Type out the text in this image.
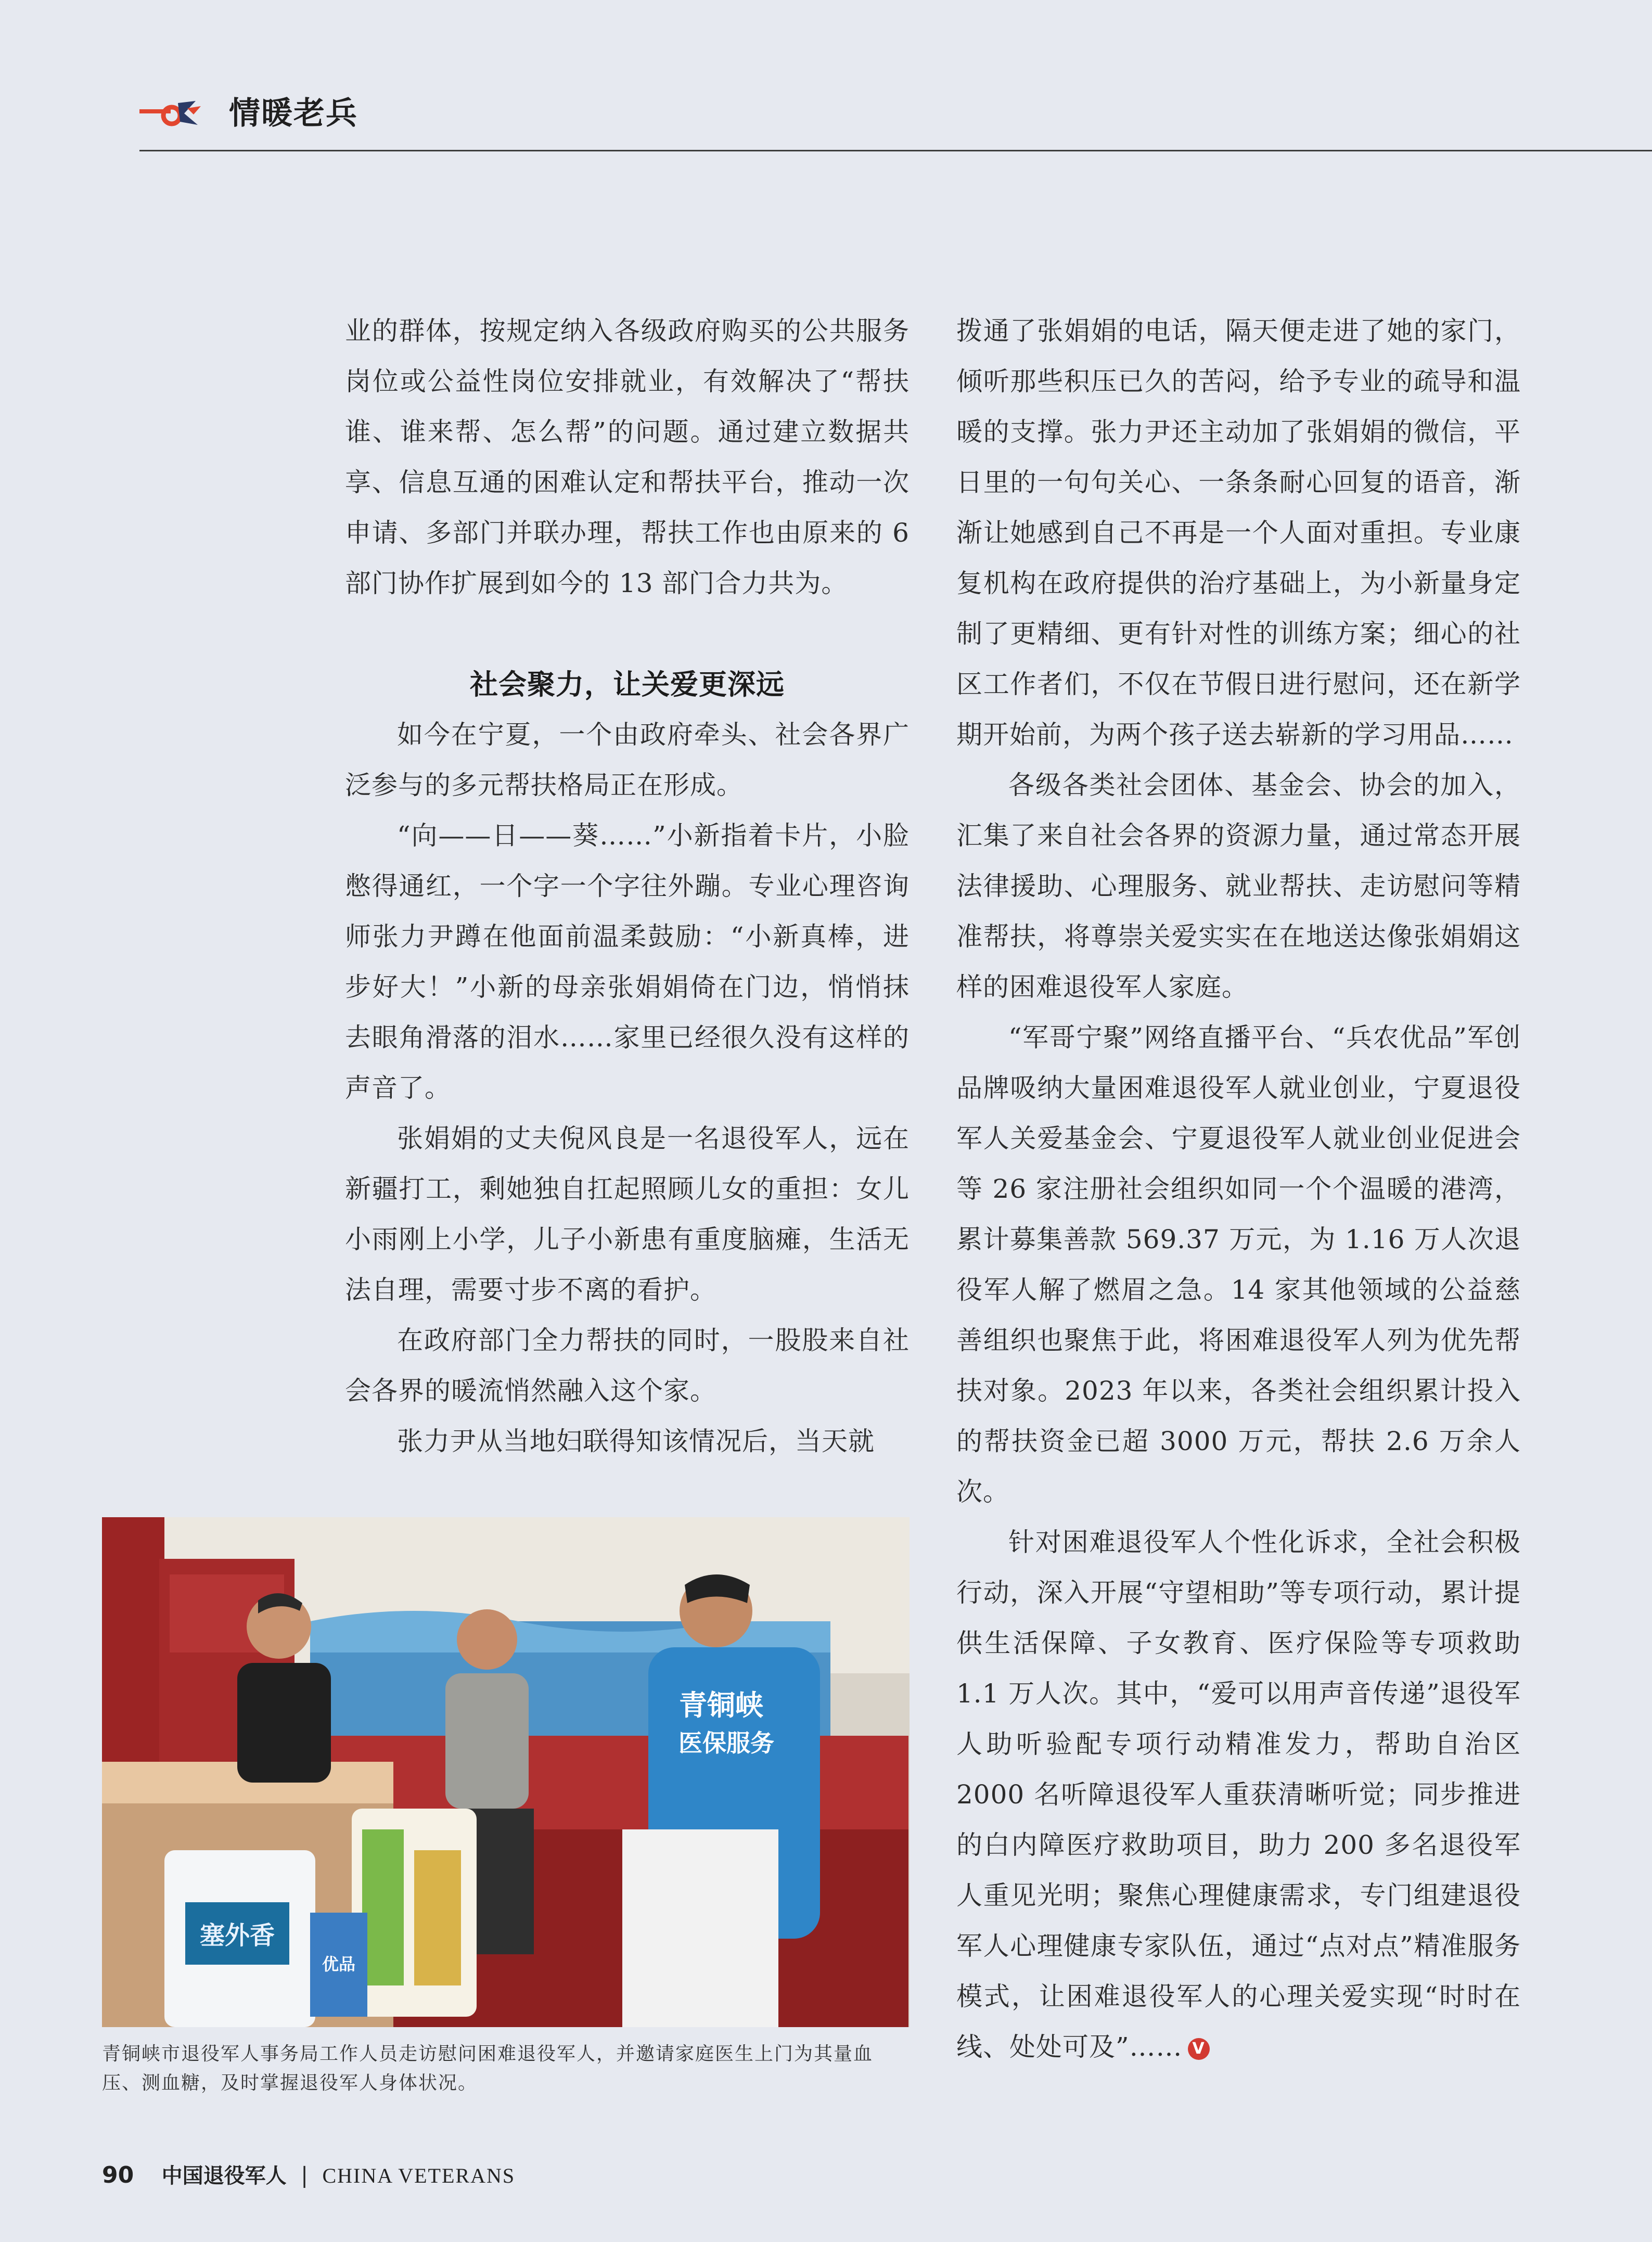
情暖老兵

业的群体，按规定纳入各级政府购买的公共服务岗位或公益性岗位安排就业，有效解决了“帮扶谁、谁来帮、怎么帮”的问题。通过建立数据共享、信息互通的困难认定和帮扶平台，推动一次申请、多部门并联办理，帮扶工作也由原来的 6 部门协作扩展到如今的 13 部门合力共为。

社会聚力，让关爱更深远

如今在宁夏，一个由政府牵头、社会各界广泛参与的多元帮扶格局正在形成。

“向——日——葵……”小新指着卡片，小脸憋得通红，一个字一个字往外蹦。专业心理咨询师张力尹蹲在他面前温柔鼓励：“小新真棒，进步好大！”小新的母亲张娟娟倚在门边，悄悄抹去眼角滑落的泪水……家里已经很久没有这样的声音了。

张娟娟的丈夫倪风良是一名退役军人，远在新疆打工，剩她独自扛起照顾儿女的重担：女儿小雨刚上小学，儿子小新患有重度脑瘫，生活无法自理，需要寸步不离的看护。

在政府部门全力帮扶的同时，一股股来自社会各界的暖流悄然融入这个家。

张力尹从当地妇联得知该情况后，当天就

拨通了张娟娟的电话，隔天便走进了她的家门，倾听那些积压已久的苦闷，给予专业的疏导和温暖的支撑。张力尹还主动加了张娟娟的微信，平日里的一句句关心、一条条耐心回复的语音，渐渐让她感到自己不再是一个人面对重担。专业康复机构在政府提供的治疗基础上，为小新量身定制了更精细、更有针对性的训练方案；细心的社区工作者们，不仅在节假日进行慰问，还在新学期开始前，为两个孩子送去崭新的学习用品……

各级各类社会团体、基金会、协会的加入，汇集了来自社会各界的资源力量，通过常态开展法律援助、心理服务、就业帮扶、走访慰问等精准帮扶，将尊崇关爱实实在在地送达像张娟娟这样的困难退役军人家庭。

“军哥宁聚”网络直播平台、“兵农优品”军创品牌吸纳大量困难退役军人就业创业，宁夏退役军人关爱基金会、宁夏退役军人就业创业促进会等 26 家注册社会组织如同一个个温暖的港湾，累计募集善款 569.37 万元，为 1.16 万人次退役军人解了燃眉之急。14 家其他领域的公益慈善组织也聚焦于此，将困难退役军人列为优先帮扶对象。2023 年以来，各类社会组织累计投入的帮扶资金已超 3000 万元，帮扶 2.6 万余人次。

针对困难退役军人个性化诉求，全社会积极行动，深入开展“守望相助”等专项行动，累计提供生活保障、子女教育、医疗保险等专项救助 1.1 万人次。其中，“爱可以用声音传递”退役军人助听验配专项行动精准发力，帮助自治区 2000 名听障退役军人重获清晰听觉；同步推进的白内障医疗救助项目，助力 200 多名退役军人重见光明；聚焦心理健康需求，专门组建退役军人心理健康专家队伍，通过“点对点”精准服务模式，让困难退役军人的心理关爱实现“时时在线、处处可及”…… V

青铜峡
医保服务
塞外香
优品
青铜峡市退役军人事务局工作人员走访慰问困难退役军人，并邀请家庭医生上门为其量血压、测血糖，及时掌握退役军人身体状况。
90 中国退役军人 | CHINA VETERANS
